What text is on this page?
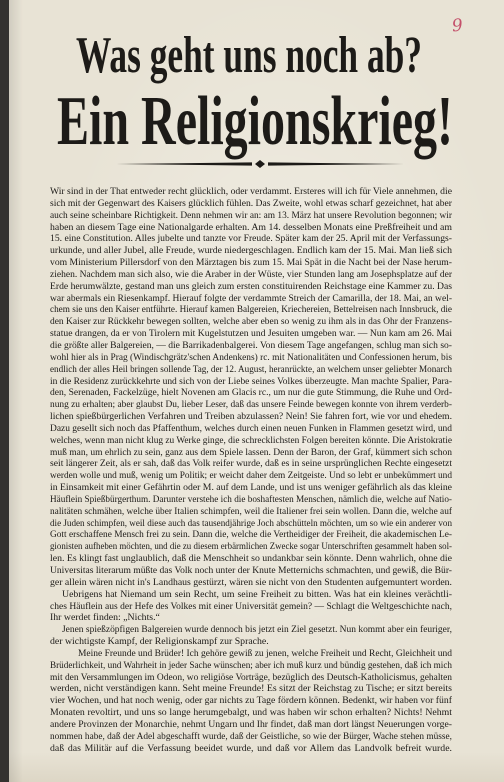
9
Was geht uns noch ab?
Ein Religionskrieg!
Wir sind in der That entweder recht glücklich, oder verdammt. Ersteres will ich für Viele annehmen, die
sich mit der Gegenwart des Kaisers glücklich fühlen. Das Zweite, wohl etwas scharf gezeichnet, hat aber
auch seine scheinbare Richtigkeit. Denn nehmen wir an: am 13. März hat unsere Revolution begonnen; wir
haben an diesem Tage eine Nationalgarde erhalten. Am 14. desselben Monats eine Preßfreiheit und am
15. eine Constitution. Alles jubelte und tanzte vor Freude. Später kam der 25. April mit der Verfassungs-
urkunde, und aller Jubel, alle Freude, wurde niedergeschlagen. Endlich kam der 15. Mai. Man ließ sich
vom Ministerium Pillersdorf von den Märztagen bis zum 15. Mai Spät in die Nacht bei der Nase herum-
ziehen. Nachdem man sich also, wie die Araber in der Wüste, vier Stunden lang am Josephsplatze auf der
Erde herumwälzte, gestand man uns gleich zum ersten constituirenden Reichstage eine Kammer zu. Das
war abermals ein Riesenkampf. Hierauf folgte der verdammte Streich der Camarilla, der 18. Mai, an wel-
chem sie uns den Kaiser entführte. Hierauf kamen Balgereien, Kriechereien, Bettelreisen nach Innsbruck, die
den Kaiser zur Rückkehr bewegen sollten, welche aber eben so wenig zu ihm als in das Ohr der Franzens-
statue drangen, da er von Tirolern mit Kugelstutzen und Jesuiten umgeben war. — Nun kam am 26. Mai
die größte aller Balgereien, — die Barrikadenbalgerei. Von diesem Tage angefangen, schlug man sich so-
wohl hier als in Prag (Windischgrätz'schen Andenkens) rc. mit Nationalitäten und Confessionen herum, bis
endlich der alles Heil bringen sollende Tag, der 12. August, heranrückte, an welchem unser geliebter Monarch
in die Residenz zurückkehrte und sich von der Liebe seines Volkes überzeugte. Man machte Spalier, Para-
den, Serenaden, Fackelzüge, hielt Novenen am Glacis rc., um nur die gute Stimmung, die Ruhe und Ord-
nung zu erhalten; aber glaubst Du, lieber Leser, daß das unsere Feinde bewegen konnte von ihrem verderb-
lichen spießbürgerlichen Verfahren und Treiben abzulassen? Nein! Sie fahren fort, wie vor und ehedem.
Dazu gesellt sich noch das Pfaffenthum, welches durch einen neuen Funken in Flammen gesetzt wird, und
welches, wenn man nicht klug zu Werke ginge, die schrecklichsten Folgen bereiten könnte. Die Aristokratie
muß man, um ehrlich zu sein, ganz aus dem Spiele lassen. Denn der Baron, der Graf, kümmert sich schon
seit längerer Zeit, als er sah, daß das Volk reifer wurde, daß es in seine ursprünglichen Rechte eingesetzt
werden wolle und muß, wenig um Politik; er weicht daher dem Zeitgeiste. Und so lebt er unbekümmert und
in Einsamkeit mit einer Gefährtin oder M. auf dem Lande, und ist uns weniger gefährlich als das kleine
Häuflein Spießbürgerthum. Darunter verstehe ich die boshaftesten Menschen, nämlich die, welche auf Natio-
nalitäten schmähen, welche über Italien schimpfen, weil die Italiener frei sein wollen. Dann die, welche auf
die Juden schimpfen, weil diese auch das tausendjährige Joch abschütteln möchten, um so wie ein anderer von
Gott erschaffene Mensch frei zu sein. Dann die, welche die Vertheidiger der Freiheit, die akademischen Le-
gionisten aufheben möchten, und die zu diesem erbärmlichen Zwecke sogar Unterschriften gesammelt haben sol-
len. Es klingt fast unglaublich, daß die Menschheit so undankbar sein könnte. Denn wahrlich, ohne die
Universitas literarum müßte das Volk noch unter der Knute Metternichs schmachten, und gewiß, die Bür-
ger allein wären nicht in's Landhaus gestürzt, wären sie nicht von den Studenten aufgemuntert worden.
Uebrigens hat Niemand um sein Recht, um seine Freiheit zu bitten. Was hat ein kleines verächtli-
ches Häuflein aus der Hefe des Volkes mit einer Universität gemein? — Schlagt die Weltgeschichte nach,
Ihr werdet finden: „Nichts.“
Jenen spießzöpfigen Balgereien wurde dennoch bis jetzt ein Ziel gesetzt. Nun kommt aber ein feuriger,
der wichtigste Kampf, der Religionskampf zur Sprache.
Meine Freunde und Brüder! Ich gehöre gewiß zu jenen, welche Freiheit und Recht, Gleichheit und
Brüderlichkeit, und Wahrheit in jeder Sache wünschen; aber ich muß kurz und bündig gestehen, daß ich mich
mit den Versammlungen im Odeon, wo religiöse Vorträge, bezüglich des Deutsch-Katholicismus, gehalten
werden, nicht verständigen kann. Seht meine Freunde! Es sitzt der Reichstag zu Tische; er sitzt bereits
vier Wochen, und hat noch wenig, oder gar nichts zu Tage fördern können. Bedenkt, wir haben vor fünf
Monaten revoltirt, und uns so lange herumgebalgt, und was haben wir schon erhalten? Nichts! Nehmt
andere Provinzen der Monarchie, nehmt Ungarn und Ihr findet, daß man dort längst Neuerungen vorge-
nommen habe, daß der Adel abgeschafft wurde, daß der Geistliche, so wie der Bürger, Wache stehen müsse,
daß das Militär auf die Verfassung beeidet wurde, und daß vor Allem das Landvolk befreit wurde.
